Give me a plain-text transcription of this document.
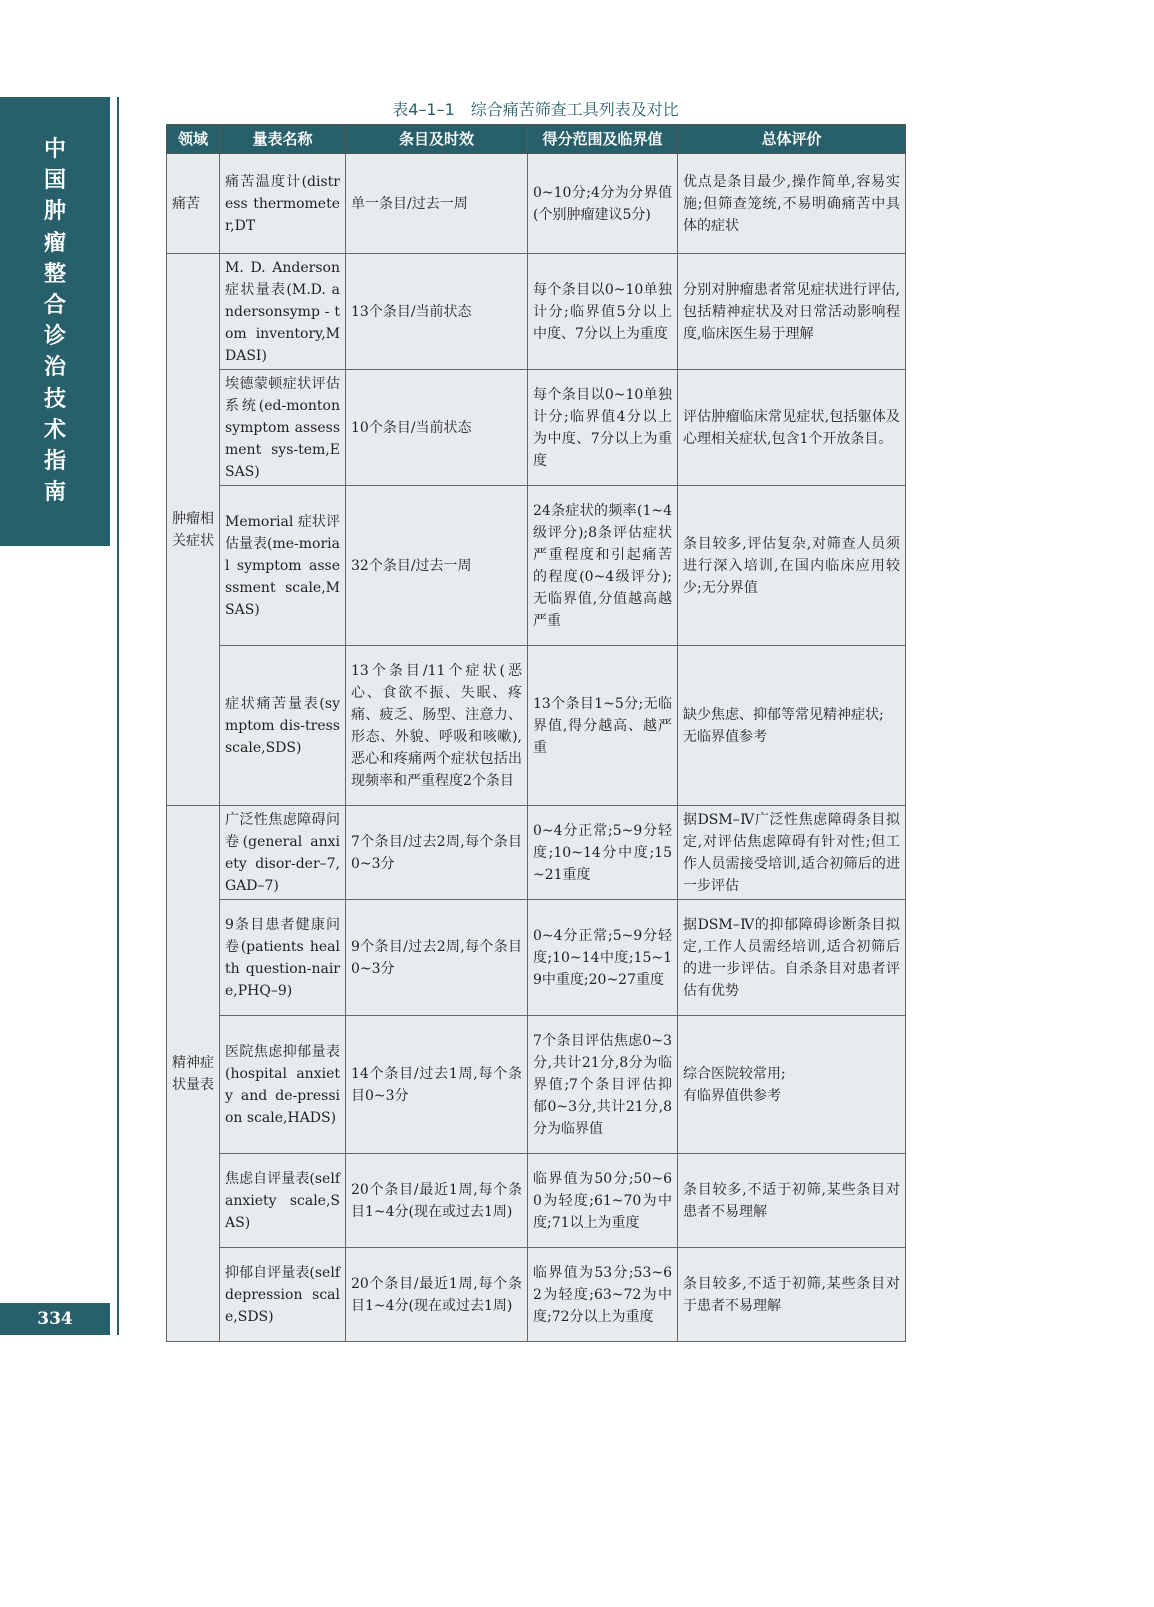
中
国
肿
瘤
整
合
诊
治
技
术
指
南
334
表4–1–1　综合痛苦筛查工具列表及对比
领域	量表名称	条目及时效	得分范围及临界值	总体评价
痛苦	痛苦温度计(distress thermometer,DT	单一条目/过去一周	0~10分;4分为分界值(个别肿瘤建议5分)	优点是条目最少,操作简单,容易实施;但筛查笼统,不易明确痛苦中具体的症状
肿瘤相关症状	M. D. Anderson 症状量表(M.D. andersonsymp - tom inventory,MDASI)	13个条目/当前状态	每个条目以0~10单独计分;临界值5分以上中度、7分以上为重度	分别对肿瘤患者常见症状进行评估,包括精神症状及对日常活动影响程度,临床医生易于理解
	埃德蒙顿症状评估系统(ed-montonsymptom assessment sys-tem,ESAS)	10个条目/当前状态	每个条目以0~10单独计分;临界值4分以上为中度、7分以上为重度	评估肿瘤临床常见症状,包括躯体及心理相关症状,包含1个开放条目。
	Memorial 症状评估量表(me-morial symptom assessment scale,MSAS)	32个条目/过去一周	24条症状的频率(1~4级评分);8条评估症状严重程度和引起痛苦的程度(0~4级评分);无临界值,分值越高越严重	条目较多,评估复杂,对筛查人员须进行深入培训,在国内临床应用较少;无分界值
	症状痛苦量表(symptom dis-tress scale,SDS)	13个条目/11个症状(恶心、食欲不振、失眠、疼痛、疲乏、肠型、注意力、形态、外貌、呼吸和咳嗽),恶心和疼痛两个症状包括出现频率和严重程度2个条目	13个条目1~5分;无临界值,得分越高、越严重	缺少焦虑、抑郁等常见精神症状;
无临界值参考
精神症状量表	广泛性焦虑障碍问卷(general anxiety disor-der–7,GAD–7)	7个条目/过去2周,每个条目0~3分	0~4分正常;5~9分轻度;10~14分中度;15~21重度	据DSM–Ⅳ广泛性焦虑障碍条目拟定,对评估焦虑障碍有针对性;但工作人员需接受培训,适合初筛后的进一步评估
	9条目患者健康问卷(patients health question-naire,PHQ–9)	9个条目/过去2周,每个条目0~3分	0~4分正常;5~9分轻度;10~14中度;15~19中重度;20~27重度	据DSM–Ⅳ的抑郁障碍诊断条目拟定,工作人员需经培训,适合初筛后的进一步评估。自杀条目对患者评估有优势
	医院焦虑抑郁量表(hospital anxiety and de-pression scale,HADS)	14个条目/过去1周,每个条目0~3分	7个条目评估焦虑0~3分,共计21分,8分为临界值;7个条目评估抑郁0~3分,共计21分,8分为临界值	综合医院较常用;
有临界值供参考
	焦虑自评量表(self anxiety scale,SAS)	20个条目/最近1周,每个条目1~4分(现在或过去1周)	临界值为50分;50~60为轻度;61~70为中度;71以上为重度	条目较多,不适于初筛,某些条目对患者不易理解
	抑郁自评量表(self depression scale,SDS)	20个条目/最近1周,每个条目1~4分(现在或过去1周)	临界值为53分;53~62为轻度;63~72为中度;72分以上为重度	条目较多,不适于初筛,某些条目对于患者不易理解
